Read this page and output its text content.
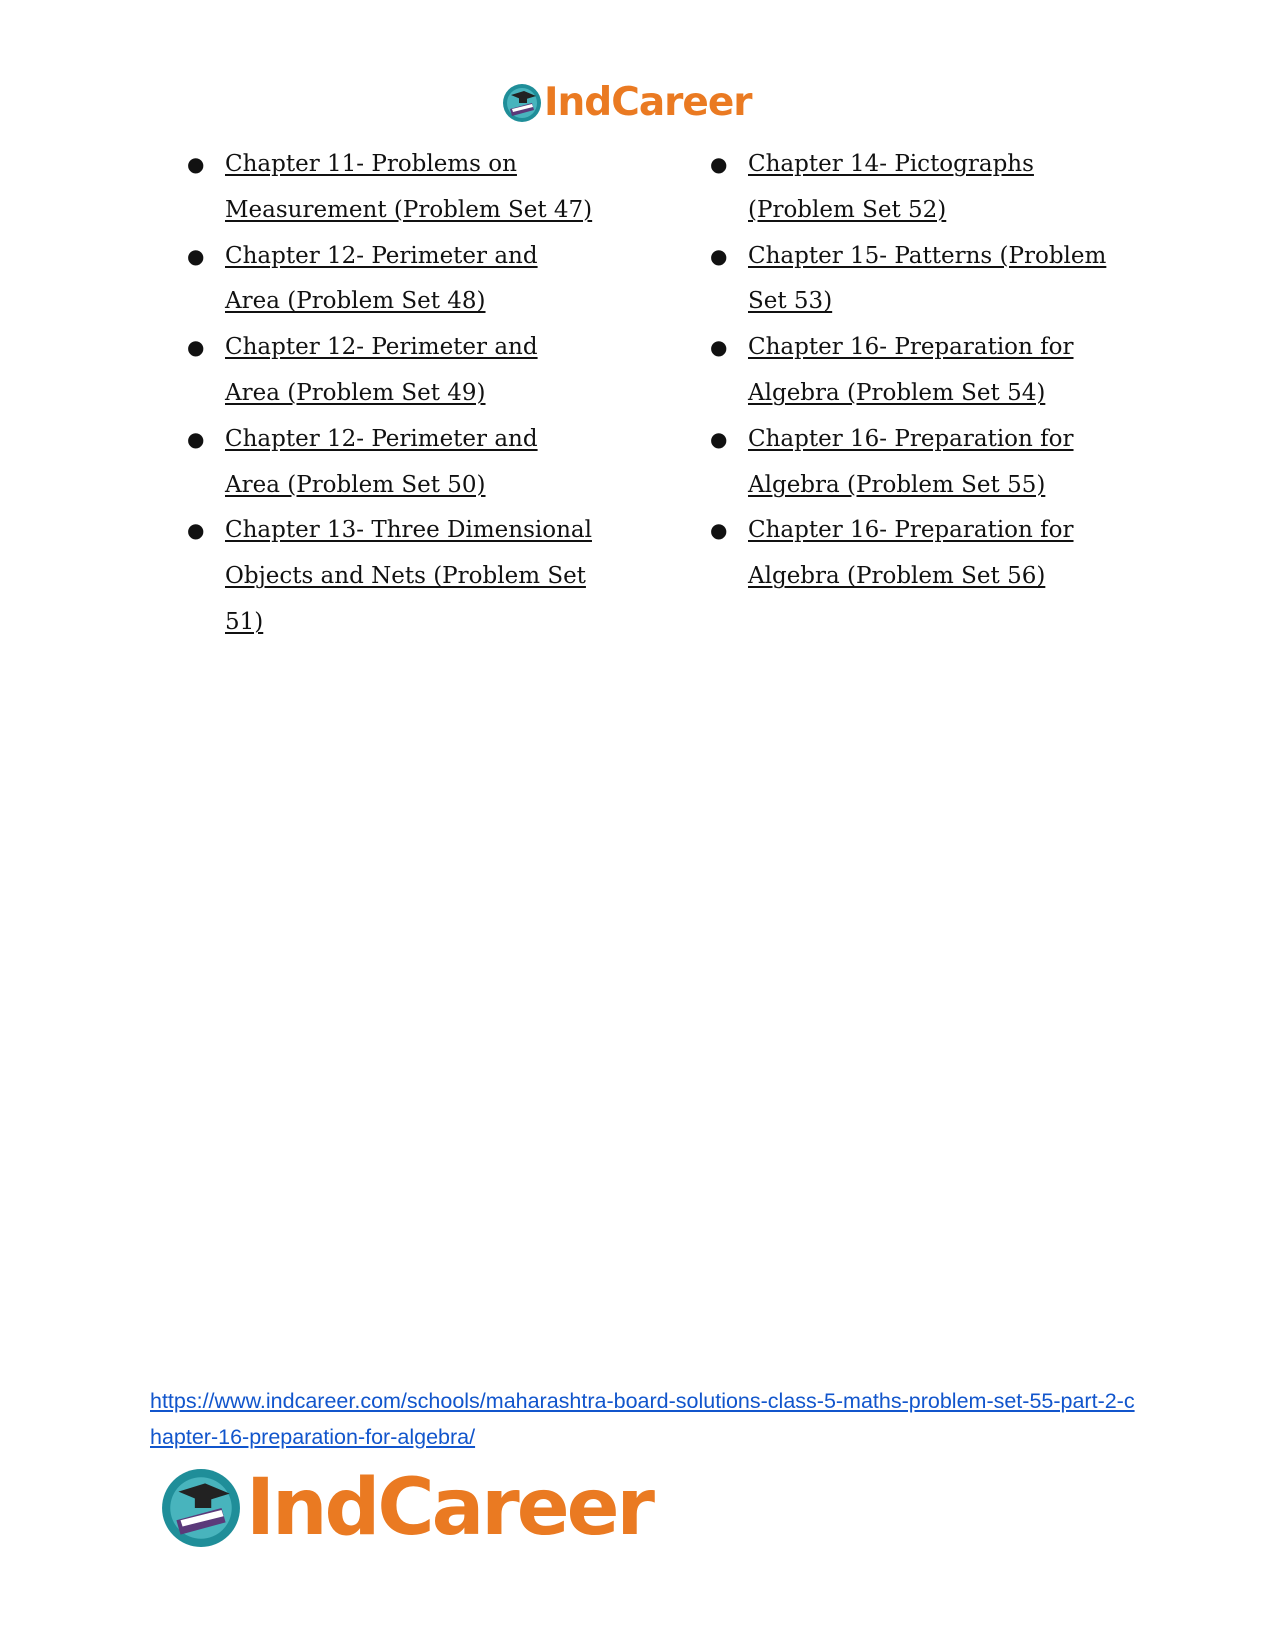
IndCareer
● Chapter 11- Problems on Measurement (Problem Set 47)
● Chapter 12- Perimeter and Area (Problem Set 48)
● Chapter 12- Perimeter and Area (Problem Set 49)
● Chapter 12- Perimeter and Area (Problem Set 50)
● Chapter 13- Three Dimensional Objects and Nets (Problem Set 51)
● Chapter 14- Pictographs (Problem Set 52)
● Chapter 15- Patterns (Problem Set 53)
● Chapter 16- Preparation for Algebra (Problem Set 54)
● Chapter 16- Preparation for Algebra (Problem Set 55)
● Chapter 16- Preparation for Algebra (Problem Set 56)
https://www.indcareer.com/schools/maharashtra-board-solutions-class-5-maths-problem-set-55-part-2-chapter-16-preparation-for-algebra/
IndCareer
